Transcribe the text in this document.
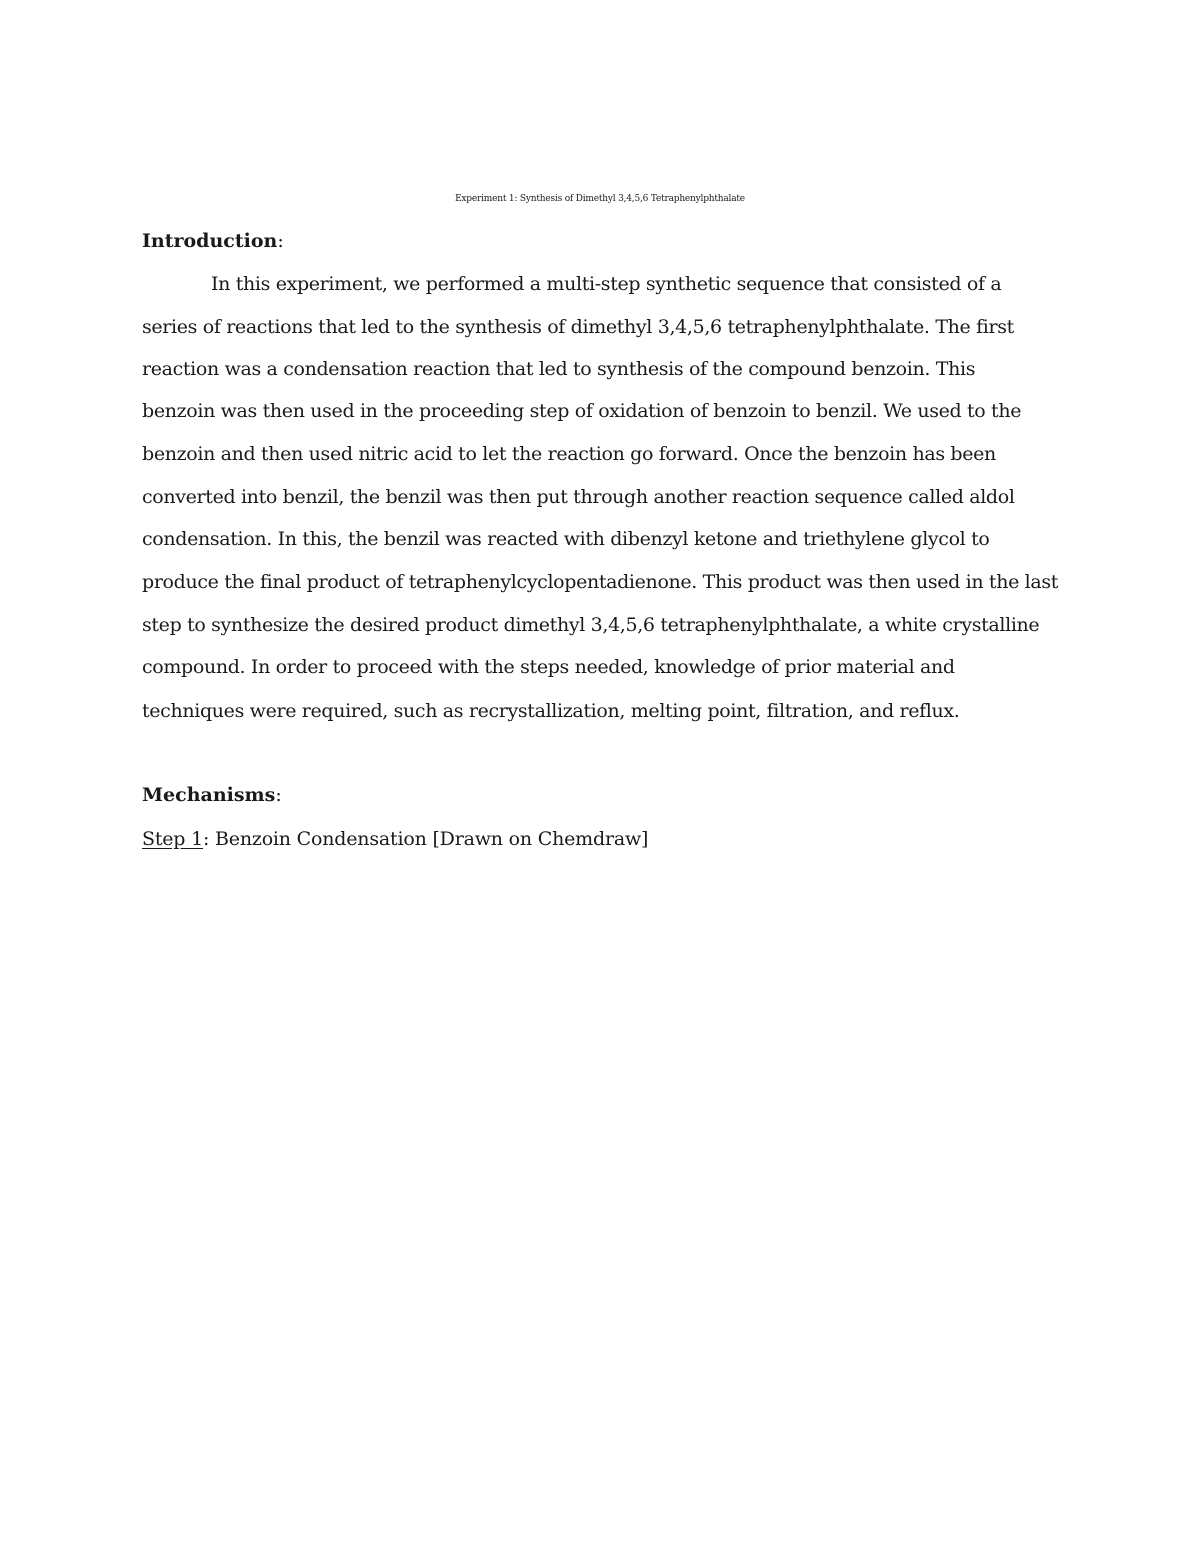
Experiment 1: Synthesis of Dimethyl 3,4,5,6 Tetraphenylphthalate
Introduction:
In this experiment, we performed a multi-step synthetic sequence that consisted of a
series of reactions that led to the synthesis of dimethyl 3,4,5,6 tetraphenylphthalate. The first
reaction was a condensation reaction that led to synthesis of the compound benzoin. This
benzoin was then used in the proceeding step of oxidation of benzoin to benzil. We used to the
benzoin and then used nitric acid to let the reaction go forward. Once the benzoin has been
converted into benzil, the benzil was then put through another reaction sequence called aldol
condensation. In this, the benzil was reacted with dibenzyl ketone and triethylene glycol to
produce the final product of tetraphenylcyclopentadienone. This product was then used in the last
step to synthesize the desired product dimethyl 3,4,5,6 tetraphenylphthalate, a white crystalline
compound. In order to proceed with the steps needed, knowledge of prior material and
techniques were required, such as recrystallization, melting point, filtration, and reflux.
Mechanisms:
Step 1: Benzoin Condensation [Drawn on Chemdraw]
